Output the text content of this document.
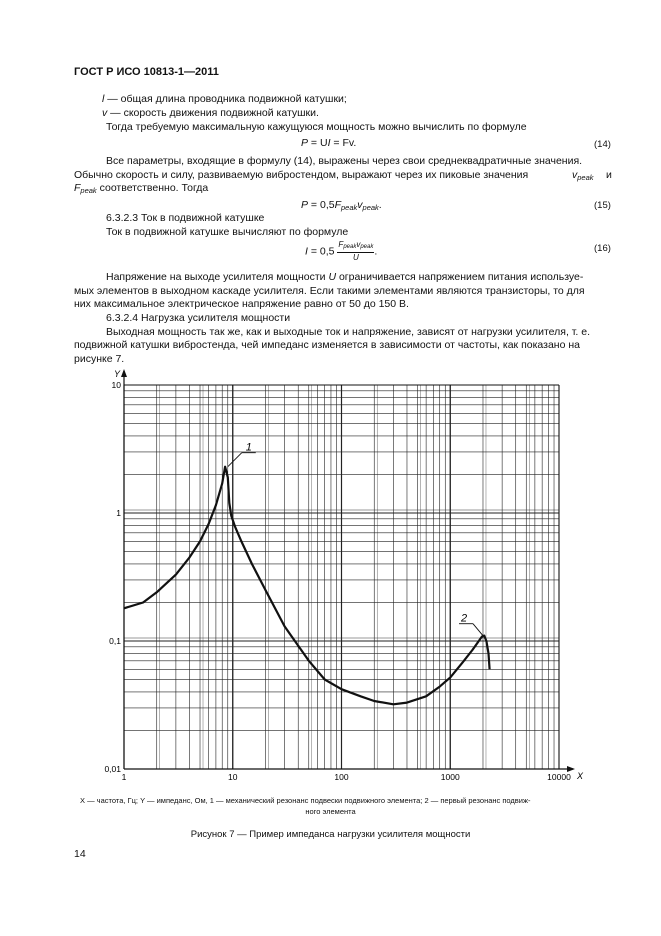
ГОСТ Р ИСО 10813-1—2011
l — общая длина проводника подвижной катушки;
v — скорость движения подвижной катушки.
Тогда требуемую максимальную кажущуюся мощность можно вычислить по формуле
P = UI = Fv.	(14)
Все параметры, входящие в формулу (14), выражены через свои среднеквадратичные значения.
Обычно скорость и силу, развиваемую вибростендом, выражают через их пиковые значения	$v_{peak}$ и
$F_{peak}$ соответственно. Тогда
$P = 0,5F_{peak}v_{peak}$.	(15)
6.3.2.3 Ток в подвижной катушке
Ток в подвижной катушке вычисляют по формуле
$I = 0,5 \frac{\text{Fpeakvpeak}}{U}$ .	(16)
Напряжение на выходе усилителя мощности U ограничивается напряжением питания используе-
мых элементов в выходном каскаде усилителя. Если такими элементами являются транзисторы, то для
них максимальное электрическое напряжение равно от 50 до 150 В.
6.3.2.4 Нагрузка усилителя мощности
Выходная мощность так же, как и выходные ток и напряжение, зависят от нагрузки усилителя, т. е.
подвижной катушки вибростенда, чей импеданс изменяется в зависимости от частоты, как показано на
рисунке 7.
Y
X
1	10	100	1000	10000
0,01
0,1
1
10
1
2
X — частота, Гц; Y — импеданс, Ом, 1 — механический резонанс подвески подвижного элемента; 2 — первый резонанс подвиж-
ного элемента
Рисунок 7 — Пример импеданса нагрузки усилителя мощности
14
